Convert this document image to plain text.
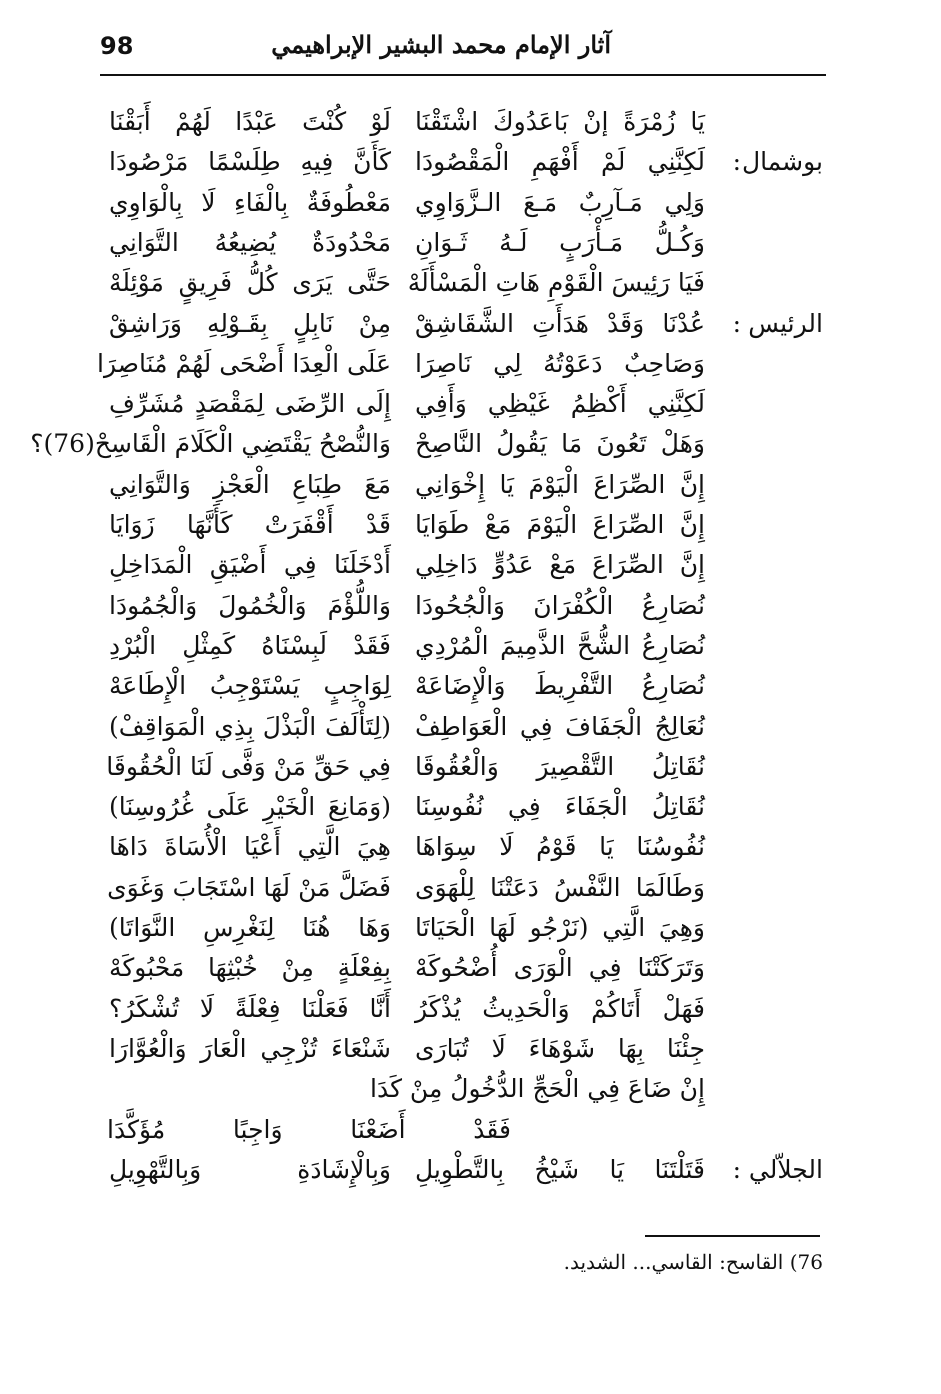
98	آثار الإمام محمد البشير الإبراهيمي
يَا زُمْرَةً إنْ بَاعَدُوكَ اشْتَقْنَا
لَوْ كُنْتَ عَبْدًا لَهُمْ أَبَقْنَا
بوشمال
:
لَكِنَّنِي لَمْ أَفْهَمِ الْمَقْصُودَا
كَأَنَّ فِيهِ طِلَسْمًا مَرْصُودَا
وَلِي مَـآرِبٌ مَـعَ الـزَّوَاوِي
مَعْطُوفَةٌ بِالْفَاءِ لَا بِالْوَاوِي
وَكُـلُّ مَـأْرَبٍ لَـهُ ثَـوَانِ
مَحْدُودَةٌ يُضِيعُهُ التَّوَانِي
فَيَا رَئِيسَ الْقَوْمِ هَاتِ الْمَسْأَلَهْ
حَتَّى يَرَى كُلُّ فَرِيقٍ مَوْئِلَهْ
الرئيس
:
عُدْنَا وَقَدْ هَدَأَتِ الشَّقَاشِقْ
مِنْ نَابِلٍ بِقَـوْلِهِ وَرَاشِقْ
وَصَاحِبٌ دَعَوْتُهُ لِي نَاصِرَا
عَلَى الْعِدَا أَضْحَى لَهُمْ مُنَاصِرَا
لَكِنَّنِي أَكْظِمُ غَيْظِي وَأَفِي
إِلَى الرِّضَى لِمَقْصَدٍ مُشَرِّفِ
وَهَلْ تَعُونَ مَا يَقُولُ النَّاصِحْ
وَالنُّصْحُ يَقْتَضِي الْكَلَامَ الْقَاسِحْ(76)؟
إِنَّ الصِّرَاعَ الْيَوْمَ يَا إِخْوَانِي
مَعَ طِبَاعِ الْعَجْزِ وَالتَّوَانِي
إِنَّ الصِّرَاعَ الْيَوْمَ مَعْ طَوَايَا
قَدْ أَقْفَرَتْ كَأَنَّهَا زَوَايَا
إِنَّ الصِّرَاعَ مَعْ عَدُوٍّ دَاخِلِي
أَدْخَلَنَا فِي أَضْيَقِ الْمَدَاخِلِ
نُصَارِعُ الْكُفْرَانَ وَالْجُحُودَا
وَاللُّؤْمَ وَالْخُمُولَ وَالْجُمُودَا
نُصَارِعُ الشُّحَّ الذَّمِيمَ الْمُرْدِي
فَقَدْ لَبِسْنَاهُ كَمِثْلِ الْبُرْدِ
نُصَارِعُ التَّفْرِيطَ وَالْإِضَاعَهْ
لِوَاجِبٍ يَسْتَوْجِبُ الْإِطَاعَهْ
نُعَالِجُ الْجَفَافَ فِي الْعَوَاطِفْ
(لِتَأْلَفَ الْبَذْلَ بِذِي الْمَوَاقِفْ)
نُقَاتِلُ التَّقْصِيرَ وَالْعُقُوقَا
فِي حَقِّ مَنْ وَفَّى لَنَا الْحُقُوقَا
نُقَاتِلُ الْجَفَاءَ فِي نُفُوسِنَا
(وَمَانِعَ الْخَيْرِ عَلَى غُرُوسِنَا)
نُفُوسُنَا يَا قَوْمُ لَا سِوَاهَا
هِيَ الَّتِي أَعْيَا الْأُسَاةَ دَاهَا
وَطَالَمَا النَّفْسُ دَعَتْنَا لِلْهَوَى
فَضَلَّ مَنْ لَهَا اسْتَجَابَ وَغَوَى
وَهِيَ الَّتِي (نَرْجُو لَهَا الْحَيَاتَا
وَهَا هُنَا لِنَغْرِسِ النَّوَاتَا)
وَتَرَكَتْنَا فِي الْوَرَى أُضْحُوكَهْ
بِفِعْلَةٍ مِنْ خُبْثِهَا مَحْبُوكَهْ
فَهَلْ أَتَاكُمْ وَالْحَدِيثُ يُذْكَرُ
أَنَّا فَعَلْنَا فِعْلَةً لَا تُشْكَرُ؟
جِئْنَا بِهَا شَوْهَاءَ لَا تُبَارَى
شَنْعَاءَ تُزْجِي الْعَارَ وَالْعُوَّارَا
إِنْ ضَاعَ فِي الْحَجِّ الدُّخُولُ مِنْ كَدَا
فَقَدْ أَضَعْنَا وَاجِبًا مُؤَكَّدَا
الجلاّلي
:
قَتَلْتَنَا يَا شَيْخُ بِالتَّطْوِيلِ
وَبِالْإِشَادَةِ وَبِالتَّهْوِيلِ
76) القاسح: القاسي... الشديد.
